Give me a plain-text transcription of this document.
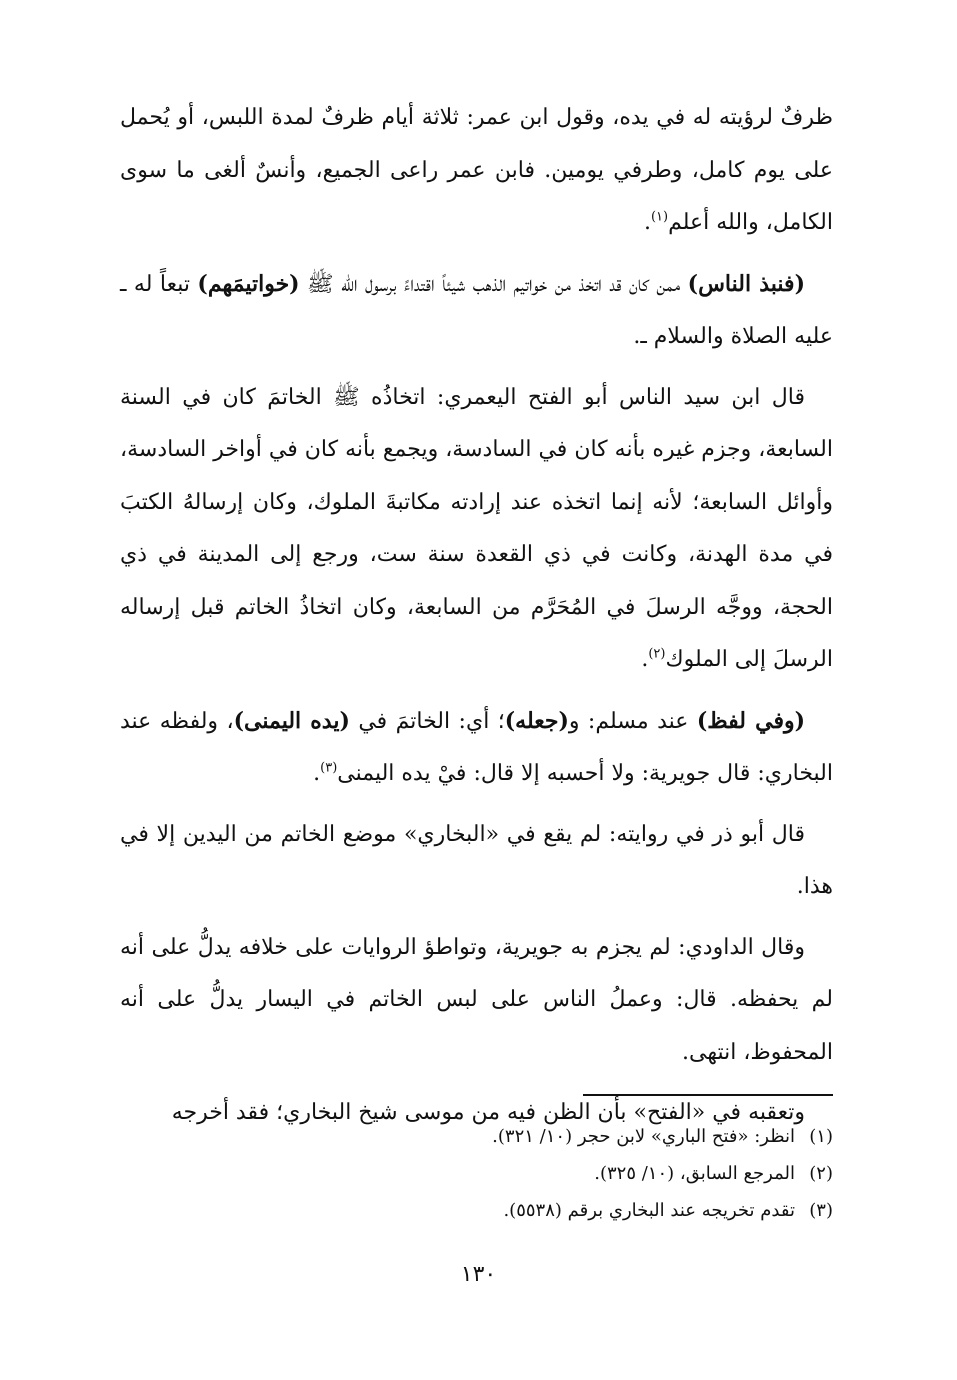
ظرفٌ لرؤيته له في يده، وقول ابن عمر: ثلاثة أيام ظرفٌ لمدة اللبس، أو يُحمل على يوم كامل، وطرفي يومين. فابن عمر راعى الجميع، وأنسٌ ألغى ما سوى الكامل، والله أعلم$^{(١)}$.

(فنبذ الناس) ممن كان قد اتخذ من خواتيم الذهب شيئاً اقتداءً برسول الله ﷺ (خواتيمَهم) تبعاً له ـ عليه الصلاة والسلام ـ.

قال ابن سيد الناس أبو الفتح اليعمري: اتخاذُه ﷺ الخاتمَ كان في السنة السابعة، وجزم غيره بأنه كان في السادسة، ويجمع بأنه كان في أواخر السادسة، وأوائل السابعة؛ لأنه إنما اتخذه عند إرادته مكاتبةَ الملوك، وكان إرسالهُ الكتبَ في مدة الهدنة، وكانت في ذي القعدة سنة ست، ورجع إلى المدينة في ذي الحجة، ووجَّه الرسلَ في المُحَرَّم من السابعة، وكان اتخاذُ الخاتم قبل إرساله الرسلَ إلى الملوك$^{(٢)}$.

(وفي لفظ) عند مسلم: و(جعله)؛ أي: الخاتمَ في (يده اليمنى)، ولفظه عند البخاري: قال جويرية: ولا أحسبه إلا قال: فيْ يده اليمنى$^{(٣)}$.

قال أبو ذر في روايته: لم يقع في «البخاري» موضع الخاتم من اليدين إلا في هذا.

وقال الداودي: لم يجزم به جويرية، وتواطؤ الروايات على خلافه يدلُّ على أنه لم يحفظه. قال: وعملُ الناس على لبس الخاتم في اليسار يدلُّ على أنه المحفوظ، انتهى.

وتعقبه في «الفتح» بأن الظن فيه من موسى شيخ البخاري؛ فقد أخرجه

(١)
انظر: «فتح الباري» لابن حجر (١٠/ ٣٢١).
(٢)
المرجع السابق، (١٠/ ٣٢٥).
(٣)
تقدم تخريجه عند البخاري برقم (٥٥٣٨).
١٣٠
